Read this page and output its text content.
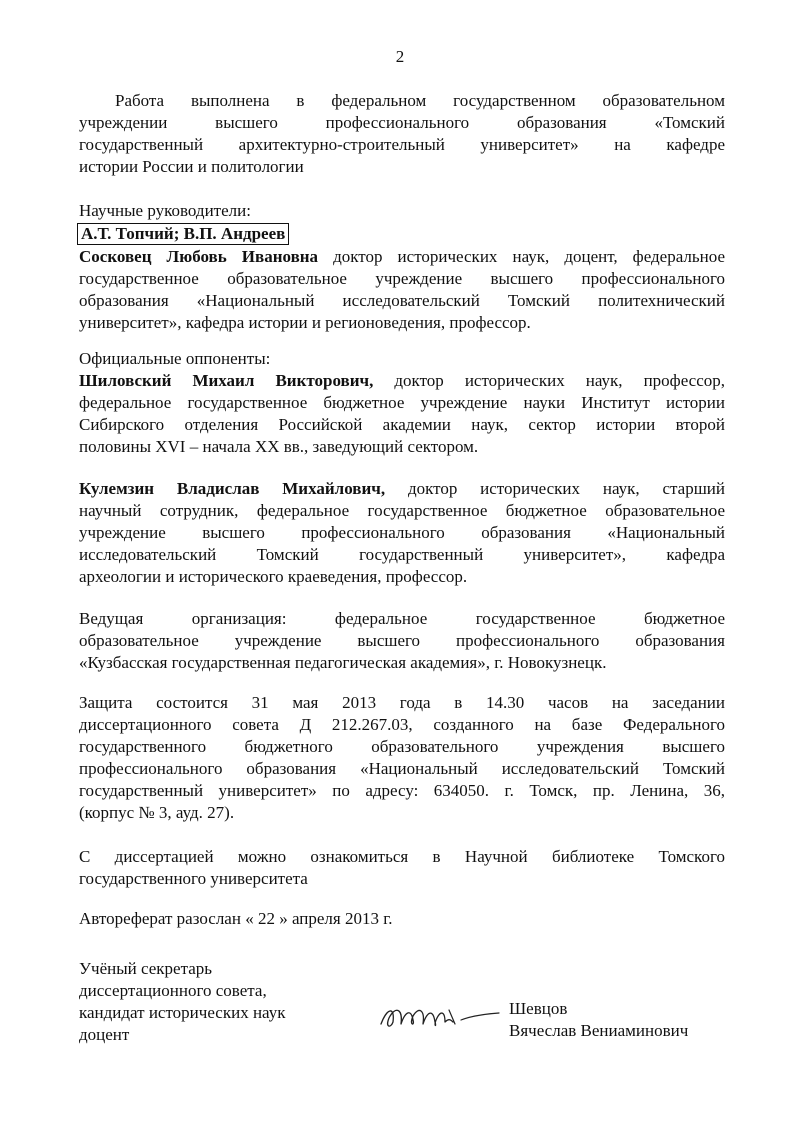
2
Работа выполнена в федеральном государственном образовательном
учреждении высшего профессионального образования «Томский
государственный архитектурно-строительный университет» на кафедре
истории России и политологии
Научные руководители:
А.Т. Топчий; В.П. Андреев
Сосковец Любовь Ивановна доктор исторических наук, доцент, федеральное
государственное образовательное учреждение высшего профессионального
образования «Национальный исследовательский Томский политехнический
университет», кафедра истории и регионоведения, профессор.
Официальные оппоненты:
Шиловский Михаил Викторович, доктор исторических наук, профессор,
федеральное государственное бюджетное учреждение науки Институт истории
Сибирского отделения Российской академии наук, сектор истории второй
половины XVI – начала XX вв., заведующий сектором.
Кулемзин Владислав Михайлович, доктор исторических наук, старший
научный сотрудник, федеральное государственное бюджетное образовательное
учреждение высшего профессионального образования «Национальный
исследовательский Томский государственный университет», кафедра
археологии и исторического краеведения, профессор.
Ведущая организация: федеральное государственное бюджетное
образовательное учреждение высшего профессионального образования
«Кузбасская государственная педагогическая академия», г. Новокузнецк.
Защита состоится 31 мая 2013 года в 14.30 часов на заседании
диссертационного совета Д 212.267.03, созданного на базе Федерального
государственного бюджетного образовательного учреждения высшего
профессионального образования «Национальный исследовательский Томский
государственный университет» по адресу: 634050. г. Томск, пр. Ленина, 36,
(корпус № 3, ауд. 27).
С диссертацией можно ознакомиться в Научной библиотеке Томского
государственного университета
Автореферат разослан « 22 » апреля 2013 г.
Учёный секретарь
диссертационного совета,
кандидат исторических наук
доцент
Шевцов
Вячеслав Вениаминович
